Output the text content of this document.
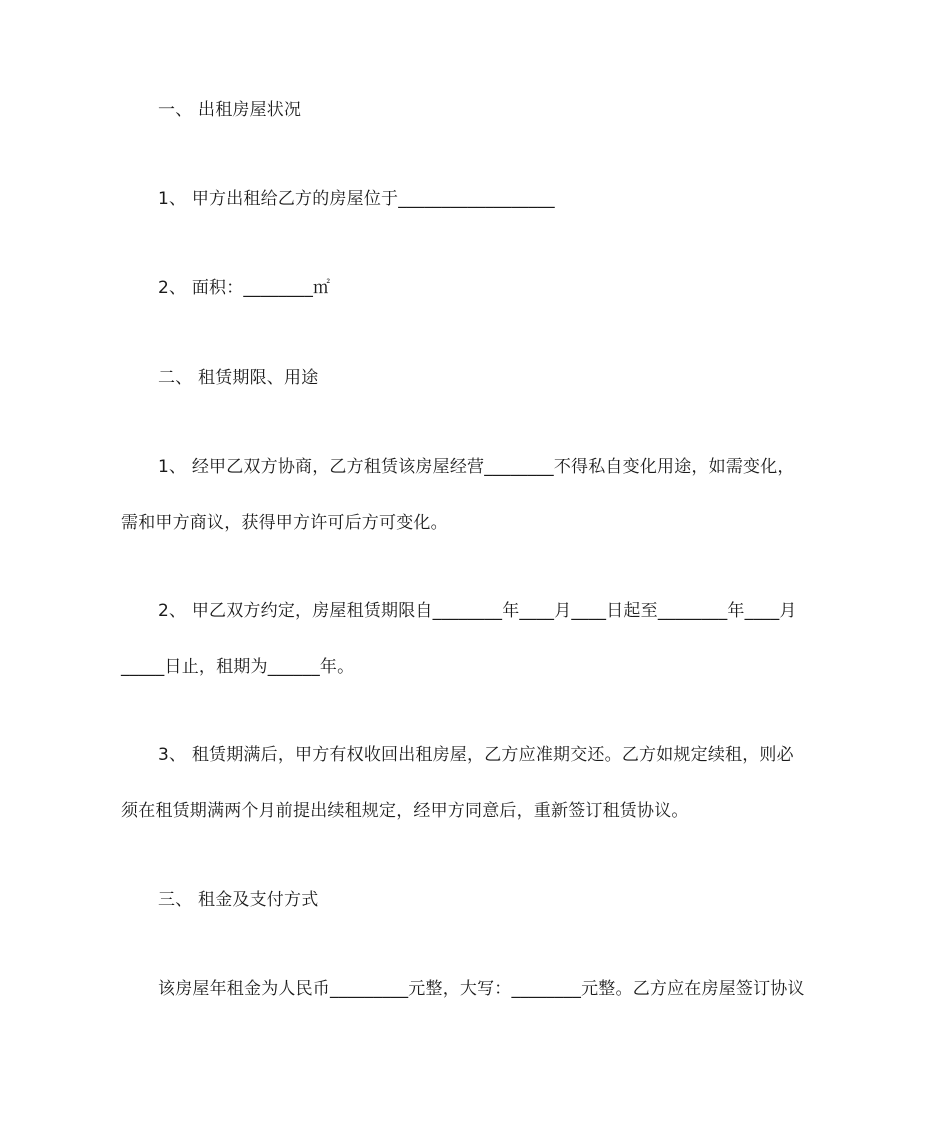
一、 出租房屋状况
1、 甲方出租给乙方的房屋位于__________________
2、 面积：________㎡
二、 租赁期限、用途
1、 经甲乙双方协商，乙方租赁该房屋经营________不得私自变化用途，如需变化，
需和甲方商议，获得甲方许可后方可变化。
2、 甲乙双方约定，房屋租赁期限自________年____月____日起至________年____月
_____日止，租期为______年。
3、 租赁期满后，甲方有权收回出租房屋，乙方应准期交还。乙方如规定续租，则必
须在租赁期满两个月前提出续租规定，经甲方同意后，重新签订租赁协议。
三、 租金及支付方式
该房屋年租金为人民币_________元整，大写：________元整。乙方应在房屋签订协议
